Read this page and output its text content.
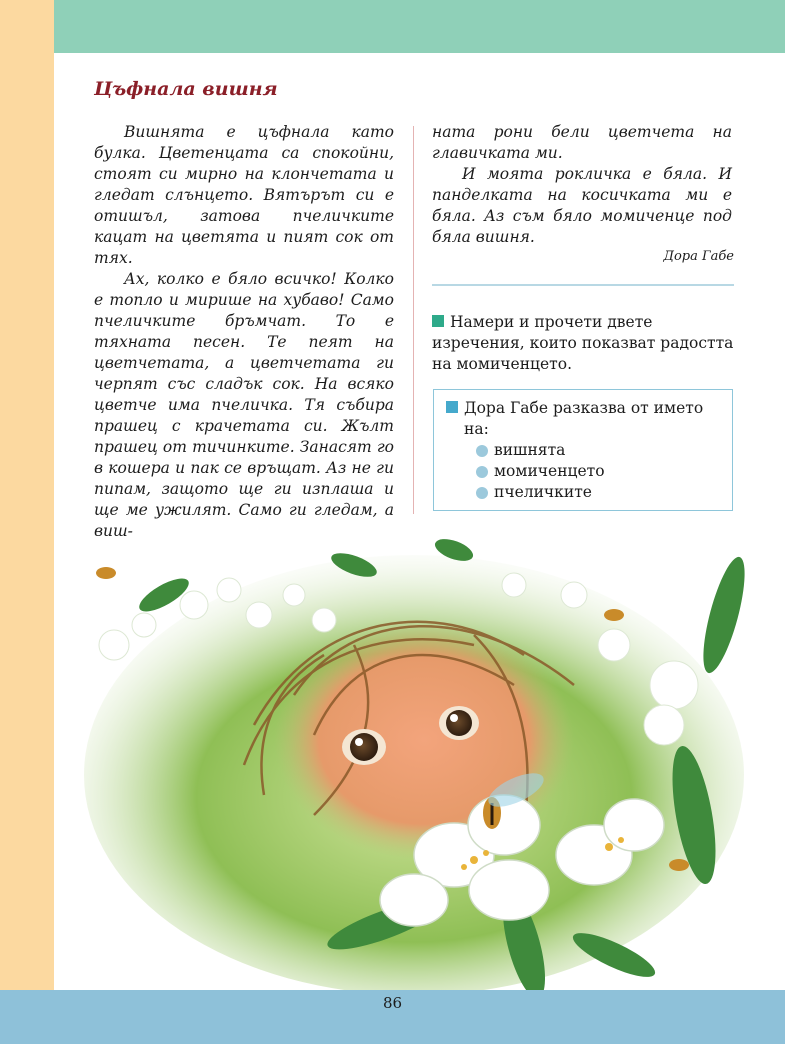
Цъфнала вишня

Вишнята е цъфнала като булка. Цветенцата са спокойни, стоят си мирно на клончетата и гледат слънцето. Вятърът си е отишъл, затова пчеличките кацат на цветята и пият сок от тях.

Ах, колко е бяло всичко! Колко е топло и мирише на хубаво! Само пчеличките бръмчат. То е тяхната песен. Те пеят на цветчетата, а цветчетата ги черпят със сладък сок. На всяко цветче има пчеличка. Тя събира прашец с крачетата си. Жълт прашец от тичинките. Занасят го в кошера и пак се връщат. Аз не ги пипам, защото ще ги изплаша и ще ме ужилят. Само ги гледам, а виш-

ната рони бели цветчета на главичката ми.

И моята рокличка е бяла. И панделката на косичката ми е бяла. Аз съм бяло момиченце под бяла вишня.

Дора Габе
Намери и прочети двете изречения, които показват радостта на момиченцето.
Дора Габе разказва от името
на:
вишнята
момиченцето
пчеличките
86
